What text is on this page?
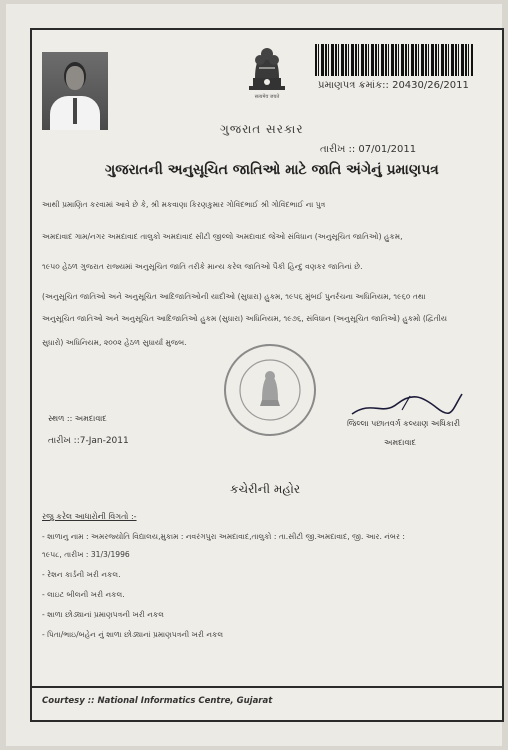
सत्यमेव जयते
પ્રમાણપત્ર ક્રમાંક:: 20430/26/2011
ગુજરાત સરકાર
તારીખ :: 07/01/2011
ગુજરાતની અનુસૂચિત જાતિઓ માટે જાતિ અંગેનું પ્રમાણપત્ર
આથી પ્રમાણિત કરવામાં આવે છે કે, શ્રી મકવાણા કિરણકુમાર ગોવિંદભાઈ શ્રી ગોવિંદભાઈ ના પુત્ર
અમદાવાદ ગામ/નગર અમદાવાદ તાલુકો અમદાવાદ સીટી જીલ્લો અમદાવાદ જેઓ સંવિધાન (અનુસૂચિત જાતિઓ) હુકમ,
૧૯૫૦ હેઠળ ગુજરાત રાજ્યમાં અનુસૂચિત જાતિ તરીકે માન્ય કરેલ જાતિઓ પૈકી હિન્દુ વણકર જાતિનાં છે.
(અનુસૂચિત જાતિઓ અને અનુસૂચિત આદિજાતિઓની યાદીઓ (સુધારા) હુકમ, ૧૯૫૬ મુંબઈ પુનર્રચના અધિનિયમ, ૧૯૬૦ તથા
અનુસૂચિત જાતિઓ અને અનુસૂચિત આદિજાતિઓ હુકમ (સુધારા) અધિનિયમ, ૧૯૭૬, સંવિધાન (અનુસૂચિત જાતિઓ) હુકમો (દ્વિતીય
સુધારો) અધિનિયમ, ૨૦૦૨ હેઠળ સુધાર્યા મુજબ.
જિલ્લા પછાતવર્ગ કલ્યાણ અધિકારી
અમદાવાદ
સ્થળ :: અમદાવાદ
તારીખ ::7-Jan-2011
કચેરીની મહોર
રજુ કરેલ આધારોની વિગતો :-
- શાળાનુ નામ : અમરજ્યોતિ વિદ્યાલય,મુકામ : નવરંગપુરા અમદાવાદ,તાલુકો : તા.સીટી જી.અમદાવાદ, જી. આર. નંબર :
૧૯૫૮, તારીખ : 31/3/1996
- રેશન કાર્ડની ખરી નકલ.
- લાઇટ બીલની ખરી નકલ.
- શાળા છોડ્યાનાં પ્રમાણપત્રની ખરી નકલ
- પિતા/ભાઇ/બહેન નું શાળા છોડ્યાનાં પ્રમાણપત્રની ખરી નકલ
Courtesy :: National Informatics Centre, Gujarat
